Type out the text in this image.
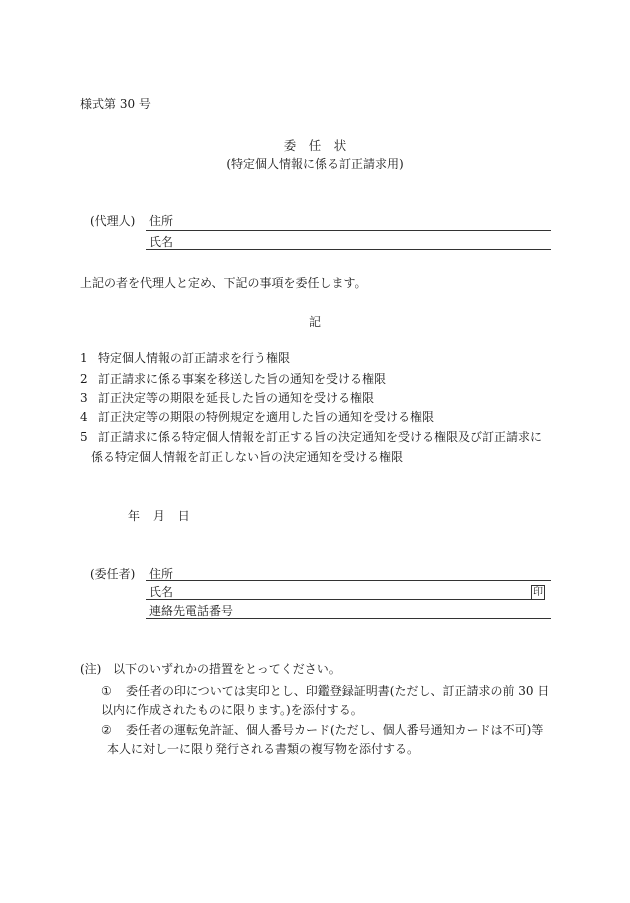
様式第 30 号
委　任　状
(特定個人情報に係る訂正請求用)
(代理人) 住所
氏名
上記の者を代理人と定め、下記の事項を委任します。
記
1 特定個人情報の訂正請求を行う権限
2 訂正請求に係る事案を移送した旨の通知を受ける権限
3 訂正決定等の期限を延長した旨の通知を受ける権限
4 訂正決定等の期限の特例規定を適用した旨の通知を受ける権限
5 訂正請求に係る特定個人情報を訂正する旨の決定通知を受ける権限及び訂正請求に
係る特定個人情報を訂正しない旨の決定通知を受ける権限
年 月 日
(委任者) 住所
氏名	印
連絡先電話番号
(注) 以下のいずれかの措置をとってください。
① 委任者の印については実印とし、印鑑登録証明書(ただし、訂正請求の前 30 日
以内に作成されたものに限ります。)を添付する。
② 委任者の運転免許証、個人番号カード(ただし、個人番号通知カードは不可)等
本人に対し一に限り発行される書類の複写物を添付する。
